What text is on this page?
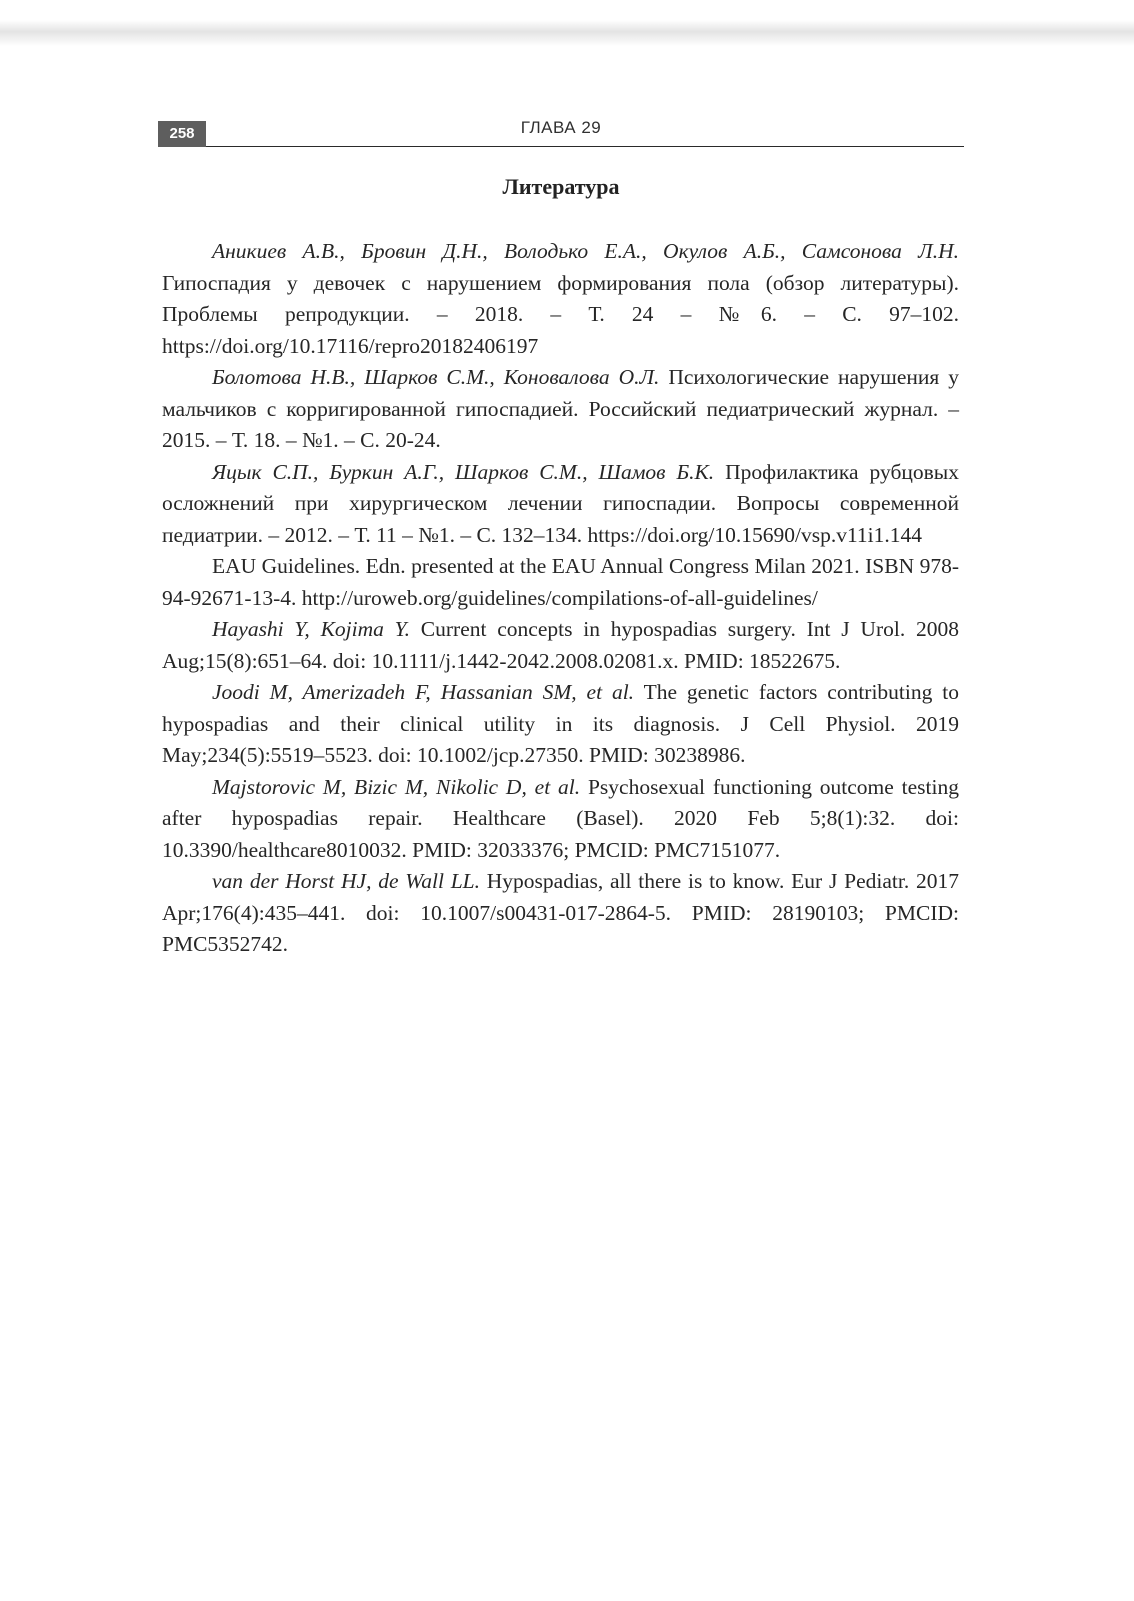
258	ГЛАВА 29
Литература

Аникиев А.В., Бровин Д.Н., Володько Е.А., Окулов А.Б., Самсонова Л.Н. Гипоспадия у девочек с нарушением формирования пола (обзор литературы). Проблемы репродукции. – 2018. – Т. 24 – №6. – С. 97–102. https://doi.org/10.17116/repro20182406197

Болотова Н.В., Шарков С.М., Коновалова О.Л. Психологические нарушения у мальчиков с корригированной гипоспадией. Российский педиатрический журнал. – 2015. – Т. 18. – №1. – С. 20-24.

Яцык С.П., Буркин А.Г., Шарков С.М., Шамов Б.К. Профилактика рубцовых осложнений при хирургическом лечении гипоспадии. Вопросы современной педиатрии. – 2012. – Т. 11 – №1. – С. 132–134. https://doi.org/10.15690/vsp.v11i1.144

EAU Guidelines. Edn. presented at the EAU Annual Congress Milan 2021. ISBN 978-94-92671-13-4. http://uroweb.org/guidelines/compilations-of-all-guidelines/

Hayashi Y, Kojima Y. Current concepts in hypospadias surgery. Int J Urol. 2008 Aug;15(8):651–64. doi: 10.1111/j.1442-2042.2008.02081.x. PMID: 18522675.

Joodi M, Amerizadeh F, Hassanian SM, et al. The genetic factors contributing to hypospadias and their clinical utility in its diagnosis. J Cell Physiol. 2019 May;234(5):5519–5523. doi: 10.1002/jcp.27350. PMID: 30238986.

Majstorovic M, Bizic M, Nikolic D, et al. Psychosexual functioning outcome testing after hypospadias repair. Healthcare (Basel). 2020 Feb 5;8(1):32. doi: 10.3390/healthcare8010032. PMID: 32033376; PMCID: PMC7151077.

van der Horst HJ, de Wall LL. Hypospadias, all there is to know. Eur J Pediatr. 2017 Apr;176(4):435–441. doi: 10.1007/s00431-017-2864-5. PMID: 28190103; PMCID: PMC5352742.
